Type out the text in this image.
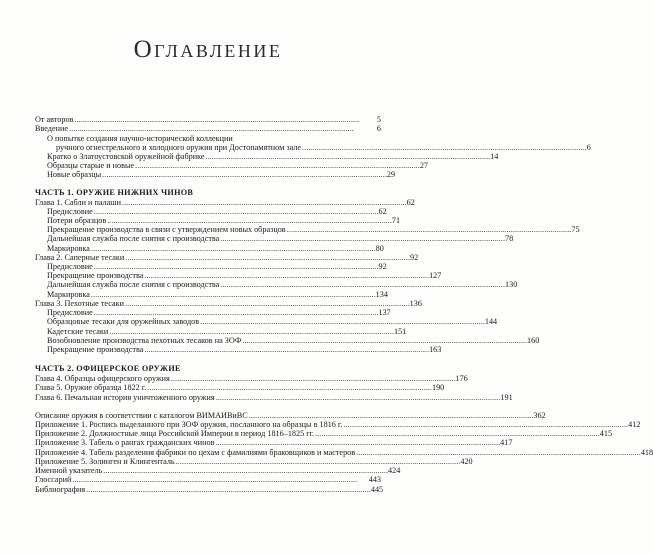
Оглавление
От авторов . . .	5
Введение . . .	6
О попытке создания научно-исторической коллекции
ручного огнестрельного и холодного оружия при Достопамятном зале . . .	6
Кратко о Златоустовской оружейной фабрике . . .	14
Образцы старые и новые . . .	27
Новые образцы . . .	29
ЧАСТЬ 1. ОРУЖИЕ НИЖНИХ ЧИНОВ
Глава 1. Сабли и палаши . . .	62
Предисловие . . .	62
Потери образцов . . .	71
Прекращение производства в связи с утверждением новых образцов . . .	75
Дальнейшая служба после снятия с производства . . .	78
Маркировка . . .	80
Глава 2. Саперные тесаки . . .	92
Предисловие . . .	92
Прекращение производства . . .	127
Дальнейшая служба после снятия с производства . . .	130
Маркировка . . .	134
Глава 3. Пехотные тесаки . . .	136
Предисловие . . .	137
Образцовые тесаки для оружейных заводов . . .	144
Кадетские тесаки . . .	151
Возобновление производства пехотных тесаков на ЗОФ . . .	160
Прекращение производства . . .	163
ЧАСТЬ 2. ОФИЦЕРСКОЕ ОРУЖИЕ
Глава 4. Образцы офицерского оружия . . .	176
Глава 5. Оружие образца 1822 г. . . .	190
Глава 6. Печальная история уничтоженного оружия . . .	191
Описание оружия в соответствии с каталогом ВИМАИВиВС . . .	362
Приложение 1. Роспись выделанного при ЗОФ оружия, посланного на образцы в 1816 г. . . .	412
Приложение 2. Должностные лица Российской Империи в период 1816–1825 гг. . . .	415
Приложение 3. Табель о рангах гражданских чинов . . .	417
Приложение 4. Табель разделения фабрики по цехам с фамилиями браковщиков и мастеров . . .	418
Приложение 5. Золинген и Клингенталь . . .	420
Именной указатель . . .	424
Глоссарий . . .	443
Библиография . . .	445
